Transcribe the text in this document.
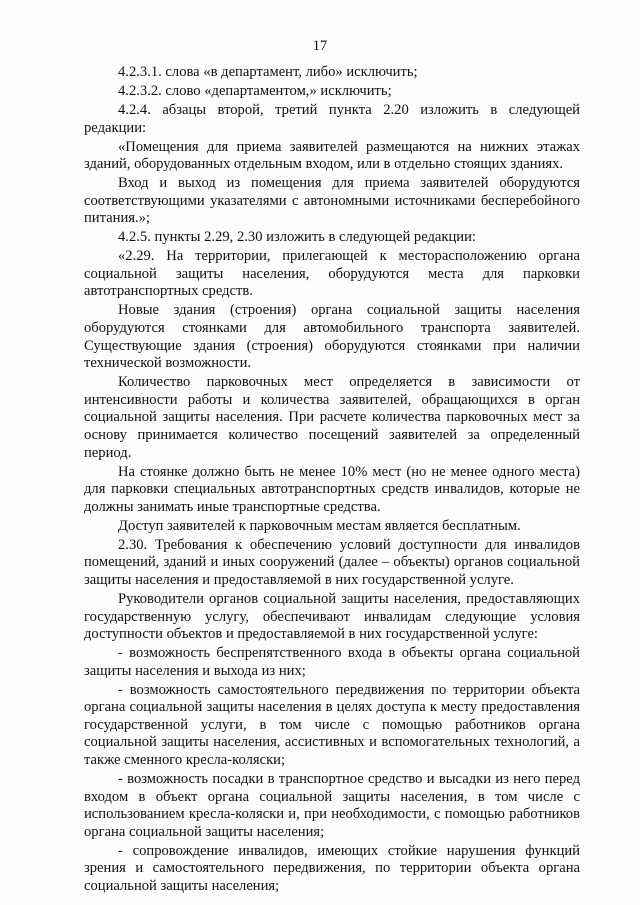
17

4.2.3.1. слова «в департамент, либо» исключить;

4.2.3.2. слово «департаментом,» исключить;

4.2.4. абзацы второй, третий пункта 2.20 изложить в следующей редакции:

«Помещения для приема заявителей размещаются на нижних этажах зданий, оборудованных отдельным входом, или в отдельно стоящих зданиях.

Вход и выход из помещения для приема заявителей оборудуются соответствующими указателями с автономными источниками бесперебойного питания.»;

4.2.5. пункты 2.29, 2.30 изложить в следующей редакции:

«2.29. На территории, прилегающей к месторасположению органа социальной защиты населения, оборудуются места для парковки автотранспортных средств.

Новые здания (строения) органа социальной защиты населения оборудуются стоянками для автомобильного транспорта заявителей. Существующие здания (строения) оборудуются стоянками при наличии технической возможности.

Количество парковочных мест определяется в зависимости от интенсивности работы и количества заявителей, обращающихся в орган социальной защиты населения. При расчете количества парковочных мест за основу принимается количество посещений заявителей за определенный период.

На стоянке должно быть не менее 10% мест (но не менее одного места) для парковки специальных автотранспортных средств инвалидов, которые не должны занимать иные транспортные средства.

Доступ заявителей к парковочным местам является бесплатным.

2.30. Требования к обеспечению условий доступности для инвалидов помещений, зданий и иных сооружений (далее – объекты) органов социальной защиты населения и предоставляемой в них государственной услуге.

Руководители органов социальной защиты населения, предоставляющих государственную услугу, обеспечивают инвалидам следующие условия доступности объектов и предоставляемой в них государственной услуге:

- возможность беспрепятственного входа в объекты органа социальной защиты населения и выхода из них;

- возможность самостоятельного передвижения по территории объекта органа социальной защиты населения в целях доступа к месту предоставления государственной услуги, в том числе с помощью работников органа социальной защиты населения, ассистивных и вспомогательных технологий, а также сменного кресла-коляски;

- возможность посадки в транспортное средство и высадки из него перед входом в объект органа социальной защиты населения, в том числе с использованием кресла-коляски и, при необходимости, с помощью работников органа социальной защиты населения;

- сопровождение инвалидов, имеющих стойкие нарушения функций зрения и самостоятельного передвижения, по территории объекта органа социальной защиты населения;
